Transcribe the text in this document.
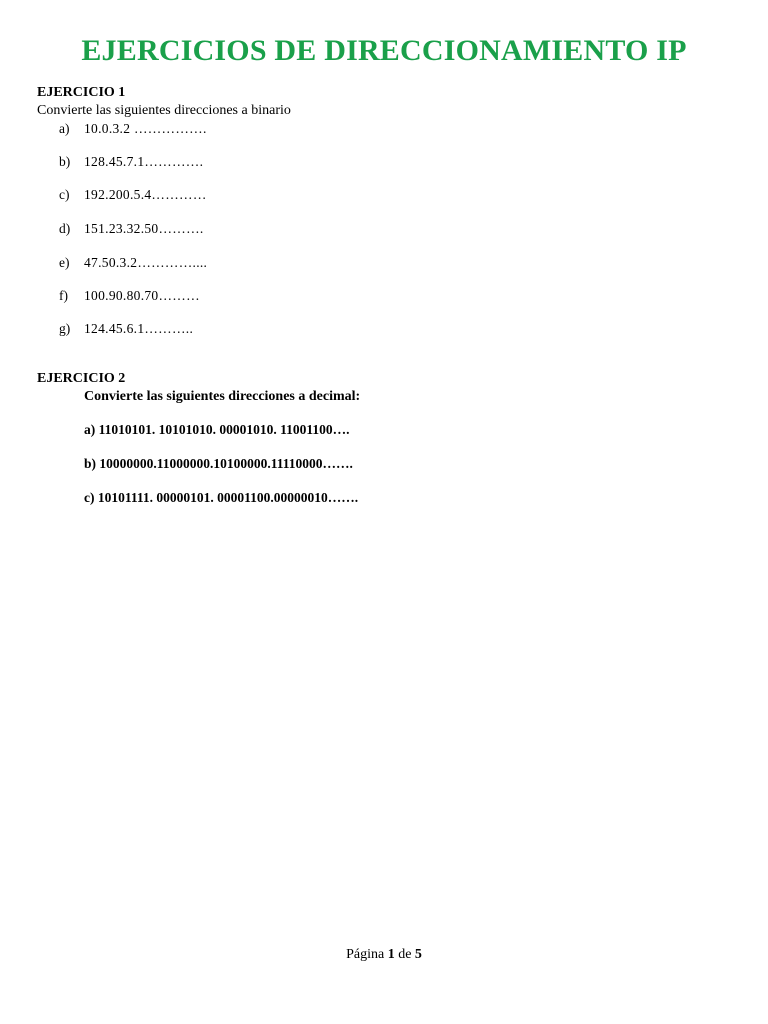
EJERCICIOS DE DIRECCIONAMIENTO IP
EJERCICIO 1
Convierte las siguientes direcciones a binario
a) 10.0.3.2 …………….
b) 128.45.7.1………….
c) 192.200.5.4…………
d) 151.23.32.50……….
e) 47.50.3.2…………....
f) 100.90.80.70………
g) 124.45.6.1………..
EJERCICIO 2
Convierte las siguientes direcciones a decimal:
a) 11010101. 10101010. 00001010. 11001100….
b) 10000000.11000000.10100000.11110000…….
c) 10101111. 00000101. 00001100.00000010…….
Página 1 de 5
